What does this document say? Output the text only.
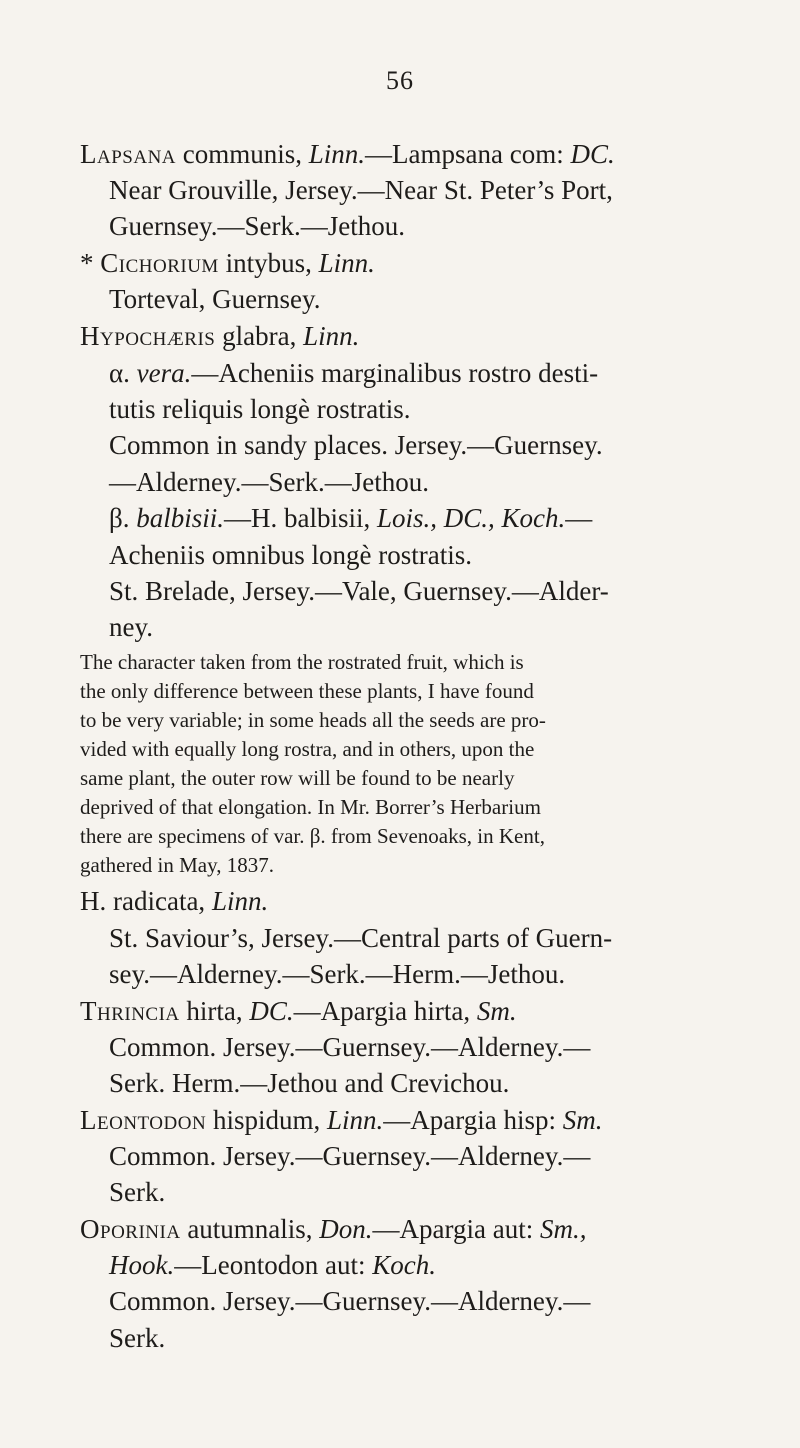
56
Lapsana communis, Linn.—Lampsana com: DC.
Near Grouville, Jersey.—Near St. Peter’s Port,
Guernsey.—Serk.—Jethou.
* Cichorium intybus, Linn.
Torteval, Guernsey.
Hypochæris glabra, Linn.
α. vera.—Acheniis marginalibus rostro desti-
tutis reliquis longè rostratis.
Common in sandy places. Jersey.—Guernsey.
—Alderney.—Serk.—Jethou.
β. balbisii.—H. balbisii, Lois., DC., Koch.—
Acheniis omnibus longè rostratis.
St. Brelade, Jersey.—Vale, Guernsey.—Alder-
ney.
The character taken from the rostrated fruit, which is
the only difference between these plants, I have found
to be very variable; in some heads all the seeds are pro-
vided with equally long rostra, and in others, upon the
same plant, the outer row will be found to be nearly
deprived of that elongation. In Mr. Borrer’s Herbarium
there are specimens of var. β. from Sevenoaks, in Kent,
gathered in May, 1837.
H. radicata, Linn.
St. Saviour’s, Jersey.—Central parts of Guern-
sey.—Alderney.—Serk.—Herm.—Jethou.
Thrincia hirta, DC.—Apargia hirta, Sm.
Common. Jersey.—Guernsey.—Alderney.—
Serk. Herm.—Jethou and Crevichou.
Leontodon hispidum, Linn.—Apargia hisp: Sm.
Common. Jersey.—Guernsey.—Alderney.—
Serk.
Oporinia autumnalis, Don.—Apargia aut: Sm.,
Hook.—Leontodon aut: Koch.
Common. Jersey.—Guernsey.—Alderney.—
Serk.
